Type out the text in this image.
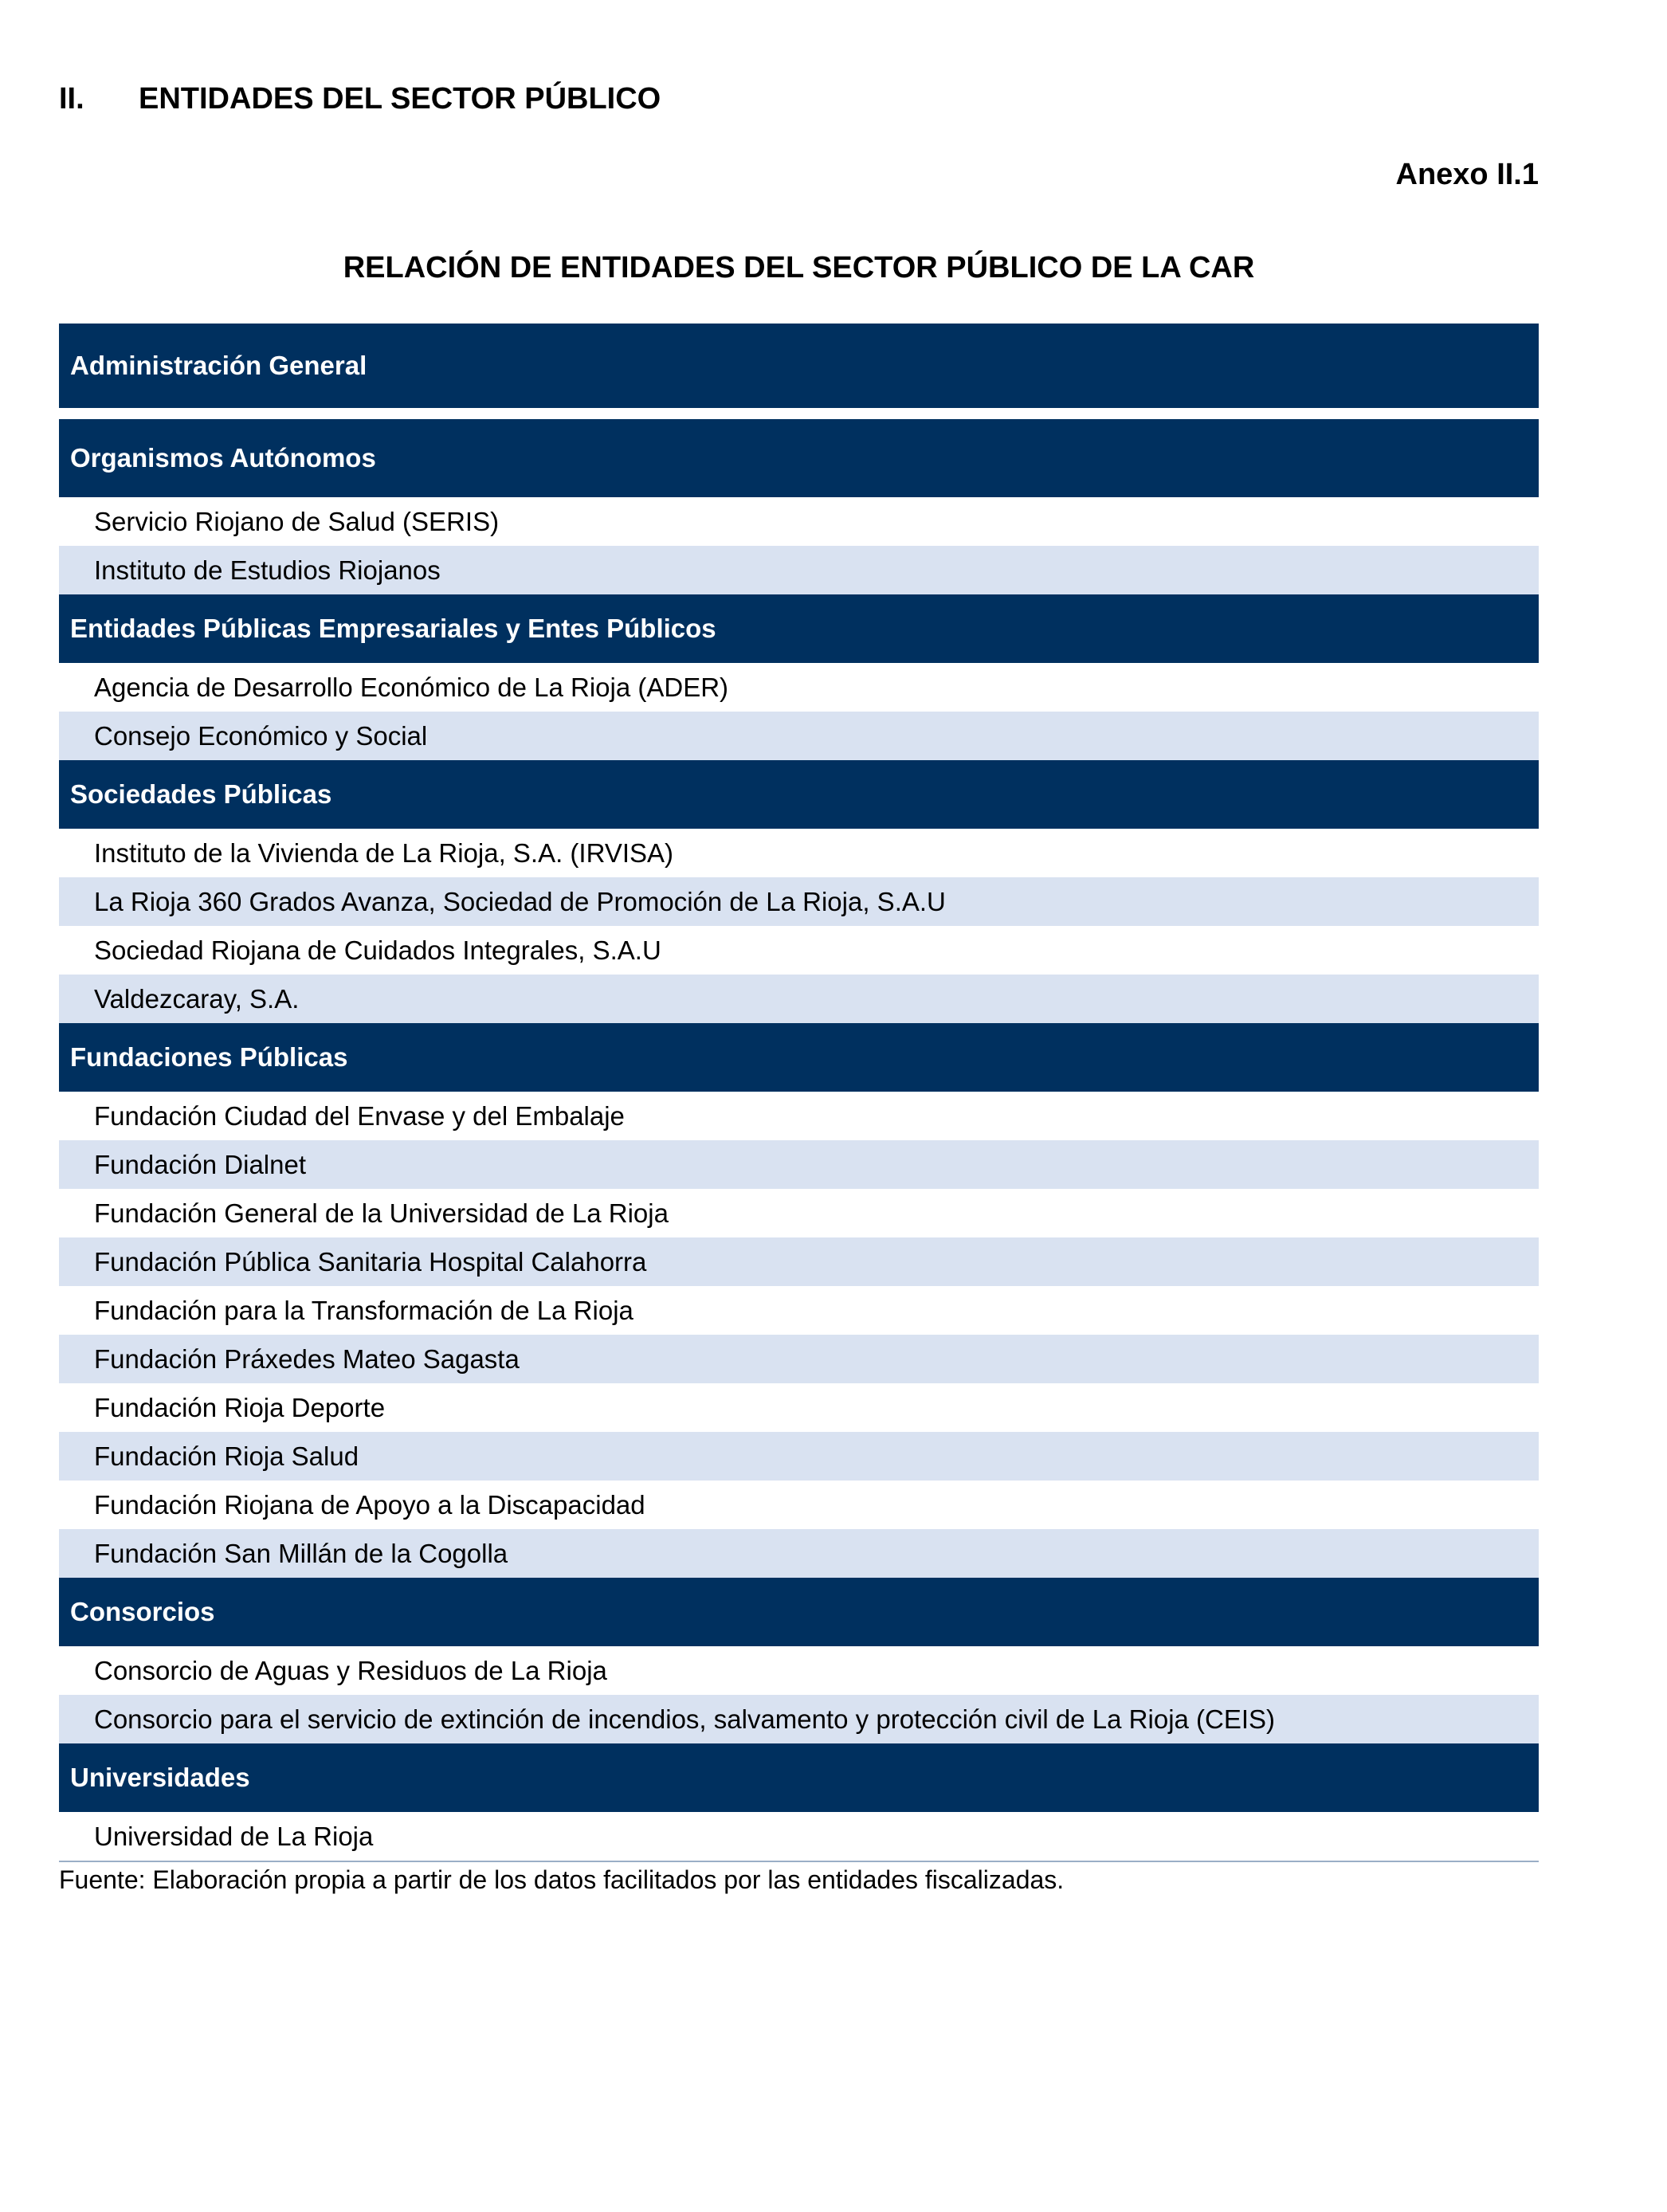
II.	ENTIDADES DEL SECTOR PÚBLICO
Anexo II.1
RELACIÓN DE ENTIDADES DEL SECTOR PÚBLICO DE LA CAR
Administración General
Organismos Autónomos
Servicio Riojano de Salud (SERIS)
Instituto de Estudios Riojanos
Entidades Públicas Empresariales y Entes Públicos
Agencia de Desarrollo Económico de La Rioja (ADER)
Consejo Económico y Social
Sociedades Públicas
Instituto de la Vivienda de La Rioja, S.A. (IRVISA)
La Rioja 360 Grados Avanza, Sociedad de Promoción de La Rioja, S.A.U
Sociedad Riojana de Cuidados Integrales, S.A.U
Valdezcaray, S.A.
Fundaciones Públicas
Fundación Ciudad del Envase y del Embalaje
Fundación Dialnet
Fundación General de la Universidad de La Rioja
Fundación Pública Sanitaria Hospital Calahorra
Fundación para la Transformación de La Rioja
Fundación Práxedes Mateo Sagasta
Fundación Rioja Deporte
Fundación Rioja Salud
Fundación Riojana de Apoyo a la Discapacidad
Fundación San Millán de la Cogolla
Consorcios
Consorcio de Aguas y Residuos de La Rioja
Consorcio para el servicio de extinción de incendios, salvamento y protección civil de La Rioja (CEIS)
Universidades
Universidad de La Rioja
Fuente: Elaboración propia a partir de los datos facilitados por las entidades fiscalizadas.
